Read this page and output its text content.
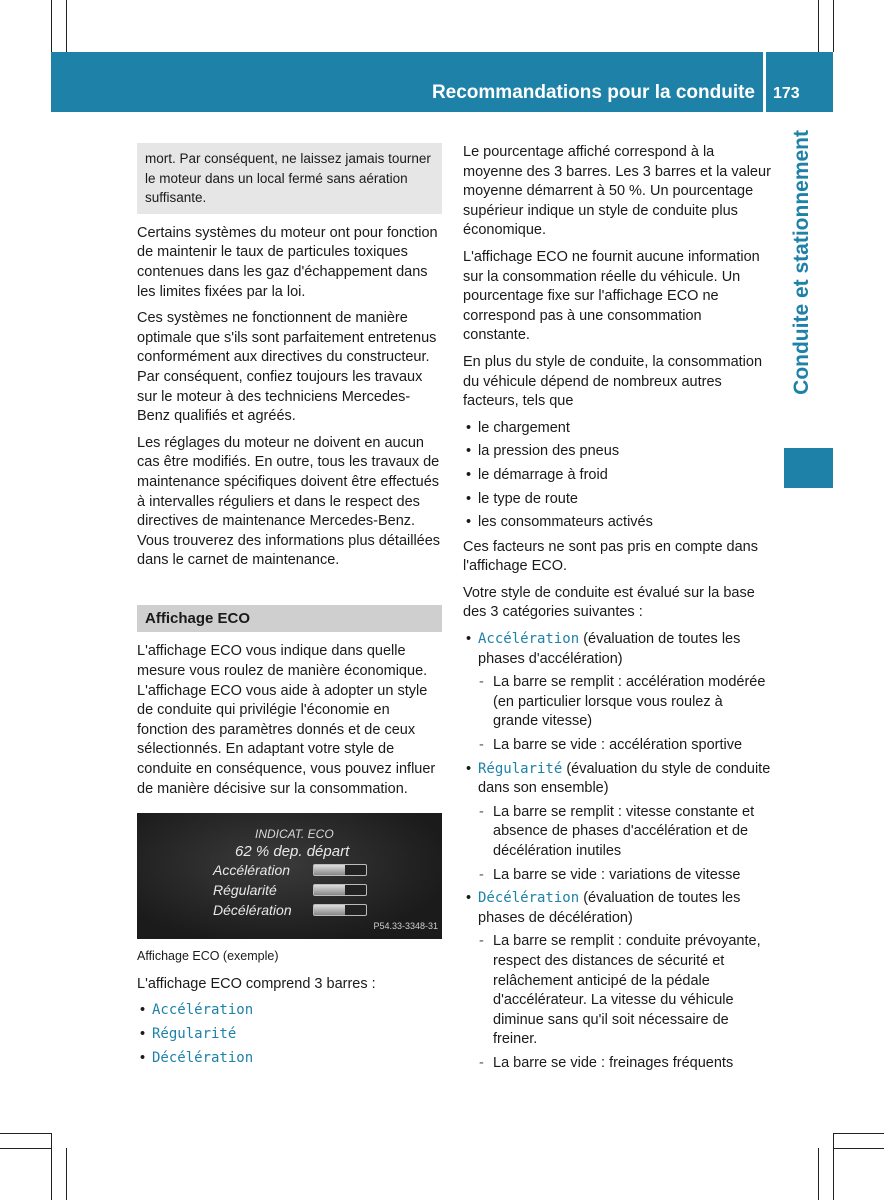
Recommandations pour la conduite 173
Conduite et stationnement
mort. Par conséquent, ne laissez jamais tourner le moteur dans un local fermé sans aération suffisante.

Certains systèmes du moteur ont pour fonction de maintenir le taux de particules toxiques contenues dans les gaz d'échappement dans les limites fixées par la loi.

Ces systèmes ne fonctionnent de manière optimale que s'ils sont parfaitement entretenus conformément aux directives du constructeur. Par conséquent, confiez toujours les travaux sur le moteur à des techniciens Mercedes-Benz qualifiés et agréés.

Les réglages du moteur ne doivent en aucun cas être modifiés. En outre, tous les travaux de maintenance spécifiques doivent être effectués à intervalles réguliers et dans le respect des directives de maintenance Mercedes-Benz. Vous trouverez des informations plus détaillées dans le carnet de maintenance.

Affichage ECO

L'affichage ECO vous indique dans quelle mesure vous roulez de manière économique. L'affichage ECO vous aide à adopter un style de conduite qui privilégie l'économie en fonction des paramètres donnés et de ceux sélectionnés. En adaptant votre style de conduite en conséquence, vous pouvez influer de manière décisive sur la consommation.

INDICAT. ECO
62 % dep. départ
Accélération
Régularité
Décélération
P54.33-3348-31
Affichage ECO (exemple)

L'affichage ECO comprend 3 barres :

• Accélération
• Régularité
• Décélération

Le pourcentage affiché correspond à la moyenne des 3 barres. Les 3 barres et la valeur moyenne démarrent à 50 %. Un pourcentage supérieur indique un style de conduite plus économique.

L'affichage ECO ne fournit aucune information sur la consommation réelle du véhicule. Un pourcentage fixe sur l'affichage ECO ne correspond pas à une consommation constante.

En plus du style de conduite, la consommation du véhicule dépend de nombreux autres facteurs, tels que

• le chargement
• la pression des pneus
• le démarrage à froid
• le type de route
• les consommateurs activés

Ces facteurs ne sont pas pris en compte dans l'affichage ECO.

Votre style de conduite est évalué sur la base des 3 catégories suivantes :

• Accélération (évaluation de toutes les phases d'accélération)
- La barre se remplit : accélération modérée (en particulier lorsque vous roulez à grande vitesse)
- La barre se vide : accélération sportive
• Régularité (évaluation du style de conduite dans son ensemble)
- La barre se remplit : vitesse constante et absence de phases d'accélération et de décélération inutiles
- La barre se vide : variations de vitesse
• Décélération (évaluation de toutes les phases de décélération)
- La barre se remplit : conduite prévoyante, respect des distances de sécurité et relâchement anticipé de la pédale d'accélérateur. La vitesse du véhicule diminue sans qu'il soit nécessaire de freiner.
- La barre se vide : freinages fréquents
